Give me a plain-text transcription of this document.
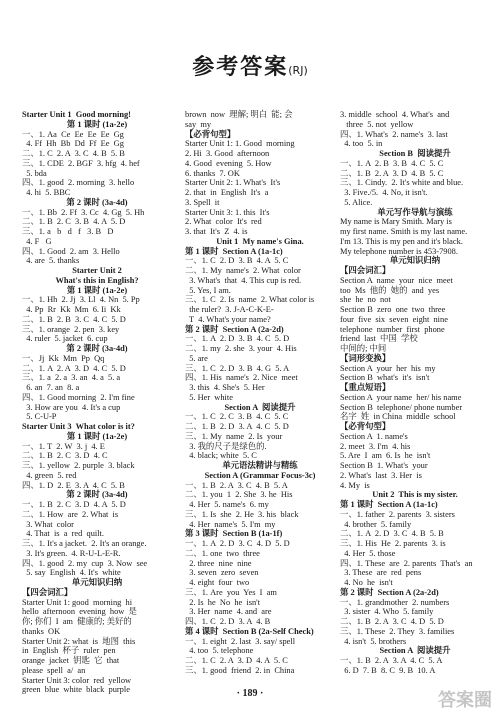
参考答案(RJ)
Starter Unit 1  Good morning!
第 1 课时 (1a-2e)
一、1. Aa  Ce  Ee  Ee  Ee  Gg
4. Ff  Hh  Bb  Dd  Ff  Ee  Gg
二、1. C  2. A  3. C  4. B  5. B
三、1. CDE  2. BGF  3. hfg  4. hef
5. bda
四、1. good  2. morning  3. hello
4. hi  5. BBC
第 2 课时 (3a-4d)
一、1. Bb  2. Ff  3. Cc  4. Gg  5. Hh
二、1. B  2. C  3. B  4. A  5. D
三、1. a   b   d   f   3. B   D
4. F   G
四、1. Good  2. am  3. Hello
4. are  5. thanks
Starter Unit 2
What's this in English?
第 1 课时 (1a-2e)
一、1. Hh  2. Jj  3. Ll  4. Nn  5. Pp
4. Pp  Rr  Kk  Mm  6. Ii  Kk
二、1. B  2. B  3. C  4. C  5. D
三、1. orange  2. pen  3. key
4. ruler  5. jacket  6. cup
第 2 课时 (3a-4d)
一、Jj  Kk  Mm  Pp  Qq
二、1. A  2. A  3. D  4. C  5. D
三、1. a  2. a  3. an  4. a  5. a
6. an  7. an  8. a
四、1. Good morning  2. I'm fine
3. How are you  4. It's a cup
5. C-U-P
Starter Unit 3  What color is it?
第 1 课时 (1a-2e)
一、1. T  2. W  3. j  4. E
二、1. B  2. C  3. D  4. C
三、1. yellow  2. purple  3. black
4. green  5. red
四、1. D  2. E  3. A  4. C  5. B
第 2 课时 (3a-4d)
一、1. B  2. C  3. D  4. A  5. D
二、1. How  are  2. What  is
3. What  color
4. That  is  a  red  quilt.
三、1. It's a jacket.  2. It's an orange.
3. It's green.  4. R-U-L-E-R.
四、1. good  2. my  cup  3. Now  see
5. say  English  4. It's  white
单元知识归纳
【四会词汇】
Starter Unit 1: good  morning  hi
hello  afternoon  evening  how  是
你; 你们  I  am  健康的; 美好的
thanks  OK
Starter Unit 2: what  is  地图  this
in  English  杯子  ruler  pen
orange  jacket  钥匙  它  that
please  spell  a/  an
Starter Unit 3: color  red  yellow
green  blue  white  black  purple
brown  now  理解; 明白  能; 会
say  my
【必背句型】
Starter Unit 1: 1. Good  morning
2. Hi  3. Good  afternoon
4. Good  evening  5. How
6. thanks  7. OK
Starter Unit 2: 1. What's  It's
2. that  in  English  It's  a
3. Spell  it
Starter Unit 3: 1. this  It's
2. What  color  It's  red
3. that  It's  Z  4. is
Unit 1  My name's Gina.
第 1 课时  Section A (1a-1c)
一、1. C  2. D  3. B  4. A  5. C
二、1. My  name's  2. What  color
3. What's  that  4. This cup is red.
5. Yes, I am.
三、1. C  2. Is  name  2. What color is
the ruler?  3. J-A-C-K-E-
T  4. What's your name?
第 2 课时  Section A (2a-2d)
一、1. A  2. D  3. B  4. C  5. D
二、1. my  2. she  3. your  4. His
5. are
三、1. C  2. D  3. B  4. G  5. A
四、1. His  name's  2. Nice  meet
3. this  4. She's  5. Her
5. Her  white
Section A  阅读提升
一、1. C  2. C  3. B  4. C  5. C
二、1. B  2. D  3. A  4. C  5. D
三、1. My  name  2. Is  your
3. 我的尺子是绿色的.
4. black; white  5. C
单元语法精讲与精练
Section A (Grammar Focus-3c)
一、1. B  2. A  3. C  4. B  5. A
二、1. you  1  2. She  3. he  His
4. Her  5. name's  6. my
三、1. Is  she  2. He  3. his  black
4. Her  name's  5. I'm  my
第 3 课时  Section B (1a-1f)
一、1. A  2. D  3. C  4. D  5. D
二、1. one  two  three
2. three  nine  nine
3. seven  zero  seven
4. eight  four  two
三、1. Are  you  Yes  I  am
2. Is  he  No  he  isn't
3. Her  name  4. and  are
四、1. C  2. D  3. A  4. B
第 4 课时  Section B (2a-Self Check)
一、1. eight  2. last  3. say/ spell
4. too  5. telephone
二、1. C  2. A  3. D  4. A  5. C
三、1. good  friend  2. in  China
3. middle  school  4. What's  and
three  5. not  yellow
四、1. What's  2. name's  3. last
4. too  5. in
Section B  阅读提升
一、1. A  2. B  3. B  4. C  5. C
二、1. B  2. A  3. D  4. B  5. C
三、1. Cindy.  2. It's white and blue.
3. Five./5.  4. No, it isn't.
5. Alice.
单元写作导航与演练
My name is Mary Smith. Mary is
my first name. Smith is my last name.
I'm 13. This is my pen and it's black.
My telephone number is 453-7908.
单元知识归纳
【四会词汇】
Section A  name  your  nice  meet
too  Ms  他的  她的  and  yes
she  he  no  not
Section B  zero  one  two  three
four  five  six  seven  eight  nine
telephone  number  first  phone
friend  last  中国  学校
中间的; 中间
【词形变换】
Section A  your  her  his  my
Section B  what's  it's  isn't
【重点短语】
Section A  your name  her/ his name
Section B  telephone/ phone number
名字  姓  in China  middle  school
【必背句型】
Section A  1. name's
2. meet  3. I'm  4. his
5. Are  I  am  6. Is  he  isn't
Section B  1. What's  your
2. What's  last  3. Her  is
4. My  is
Unit 2  This is my sister.
第 1 课时  Section A (1a-1c)
一、1. father  2. parents  3. sisters
4. brother  5. family
二、1. A  2. D  3. C  4. B  5. B
三、1. His  He  2. parents  3. is
4. Her  5. those
四、1. These  are  2. parents  That's  an
3. These  are  red  pens
4. No  he  isn't
第 2 课时  Section A (2a-2d)
一、1. grandmother  2. numbers
3. sister  4. Who  5. family
二、1. B  2. A  3. C  4. D  5. D
三、1. These  2. They  3. families
4. isn't  5. brothers
Section A  阅读提升
一、1. B  2. A  3. A  4. C  5. A
6. D  7. B  8. C  9. B  10. A
· 189 ·	答案圈
